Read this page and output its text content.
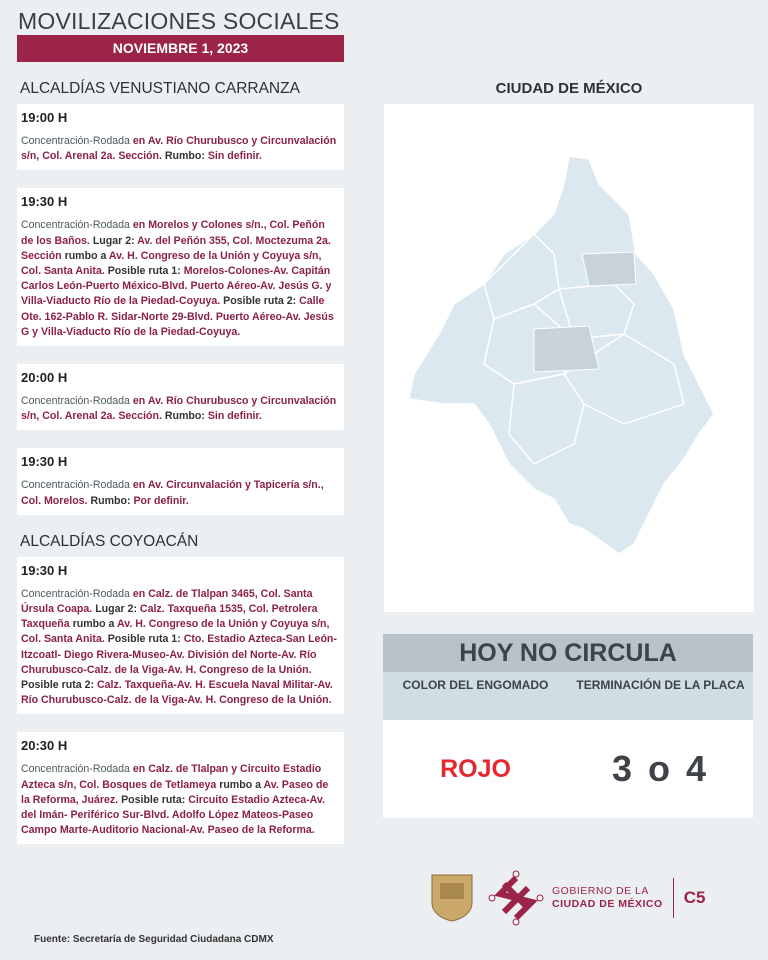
MOVILIZACIONES SOCIALES
NOVIEMBRE 1, 2023
ALCALDÍAS VENUSTIANO CARRANZA
19:00 H
Concentración-Rodada en Av. Río Churubusco y Circunvalación s/n, Col. Arenal 2a. Sección. Rumbo: Sin definir.
19:30 H
Concentración-Rodada en Morelos y Colones s/n., Col. Peñón de los Baños. Lugar 2: Av. del Peñón 355, Col. Moctezuma 2a. Sección rumbo a Av. H. Congreso de la Unión y Coyuya s/n, Col. Santa Anita. Posible ruta 1: Morelos-Colones-Av. Capitán Carlos León-Puerto México-Blvd. Puerto Aéreo-Av. Jesús G. y Villa-Viaducto Río de la Piedad-Coyuya. Posible ruta 2: Calle Ote. 162-Pablo R. Sidar-Norte 29-Blvd. Puerto Aéreo-Av. Jesús G y Villa-Viaducto Río de la Piedad-Coyuya.
20:00 H
Concentración-Rodada en Av. Río Churubusco y Circunvalación s/n, Col. Arenal 2a. Sección. Rumbo: Sin definir.
19:30 H
Concentración-Rodada en Av. Circunvalación y Tapicería s/n., Col. Morelos. Rumbo: Por definir.
ALCALDÍAS COYOACÁN
19:30 H
Concentración-Rodada en Calz. de Tlalpan 3465, Col. Santa Úrsula Coapa. Lugar 2: Calz. Taxqueña 1535, Col. Petrolera Taxqueña rumbo a Av. H. Congreso de la Unión y Coyuya s/n, Col. Santa Anita. Posible ruta 1: Cto. Estadio Azteca-San León-Itzcoatl- Diego Rivera-Museo-Av. División del Norte-Av. Río Churubusco-Calz. de la Viga-Av. H. Congreso de la Unión. Posible ruta 2: Calz. Taxqueña-Av. H. Escuela Naval Militar-Av. Río Churubusco-Calz. de la Viga-Av. H. Congreso de la Unión.
20:30 H
Concentración-Rodada en Calz. de Tlalpan y Circuito Estadio Azteca s/n, Col. Bosques de Tetlameya rumbo a Av. Paseo de la Reforma, Juárez. Posible ruta: Circuito Estadio Azteca-Av. del Imán- Periférico Sur-Blvd. Adolfo López Mateos-Paseo Campo Marte-Auditorio Nacional-Av. Paseo de la Reforma.
Fuente: Secretaría de Seguridad Ciudadana CDMX
CIUDAD DE MÉXICO
HOY NO CIRCULA
COLOR DEL ENGOMADO	TERMINACIÓN DE LA PLACA
ROJO	3 o 4
GOBIERNO DE LA
CIUDAD DE MÉXICO C5
